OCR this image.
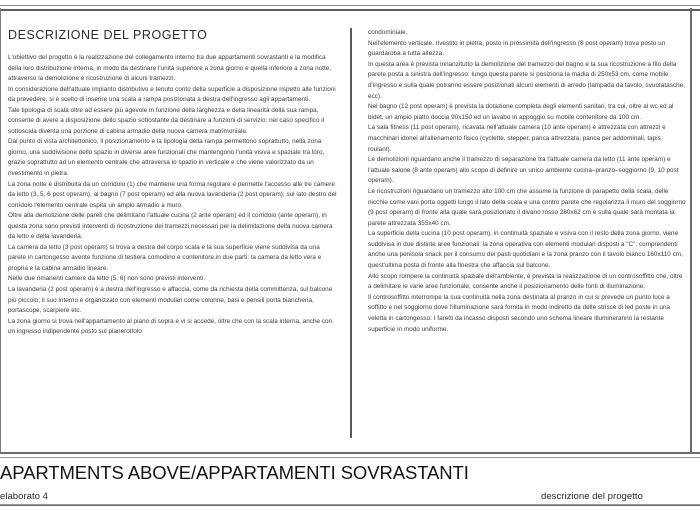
DESCRIZIONE DEL PROGETTO

L'obiettivo del progetto è la realizzazione del collegamento interno tra due appartamenti sovrastanti e la modifica della loro distribuzione interna, in modo da destinare l'unità superiore a zona giorno e quella inferiore a zona notte, attraverso la demolizione e ricostruzione di alcuni tramezzi.
In considerazione dell'attuale impianto distributivo e tenuto conto della superficie a disposizione rispetto alle funzioni da prevedere, si è scelto di inserire una scala a rampa posizionata a destra dell'ingresso agli appartamenti.
Tale tipologia di scala oltre ad essere più agevole in funzione della larghezza e della linearità della sua rampa, consente di avere a disposizione dello spazio sottostante da destinare a funzioni di servizio: nel caso specifico il sottoscala diventa una porzione di cabina armadio della nuova camera matrimoniale.
Dal punto di vista architettonico, il posizionamento e la tipologia della rampa permettono soprattutto, nella zona giorno, una suddivisione dello spazio in diverse aree funzionali che mantengono l'unità visiva e spaziale tra loro, grazie soprattutto ad un elemento centrale che attraversa lo spazio in verticale e che viene valorizzato da un rivestimento in pietra.
La zona notte è distribuita da un corridoio (1) che mantiene una forma regolare e permette l'accesso alle tre camere da letto (3, 5, 6 post operam), al bagno (7 post operam) ed alla nuova lavanderia (2 post operam); sul lato destro del corridoio l'elemento centrale ospita un ampio armadio a muro.
Oltre alla demolizione delle pareti che delimitano l'attuale cucina (2 ante operam) ed il corridoio (ante operam), in questa zona sono previsti interventi di ricostruzione dei tramezzi necessari per la delimitazione della nuova camera da letto e della lavanderia.
La camera da letto (3 post operam) si trova a destra del corpo scala e la sua superficie viene suddivisa da una parete in cartongesso avente funzione di testiera comodino e contenitore,in due parti: la camera da letto vera e propria e la cabina armadio lineare.
Nelle due rimanenti camere da letto (5, 6) non sono previsti interventi.
La lavanderia (2 post operam) è a destra dell'ingresso e affaccia, come da richiesta della committenza, sul balcone più piccolo; il suo interno è organizzato con elementi modulari come colonne, basi e pensili porta biancheria, portascope, scarpiere etc.
La zona giorno si trova nell'appartamento al piano di sopra e vi si accede, oltre che con la scala interna, anche con un ingresso indipendente posto sul pianerottolo

condominiale.
Nell'elemento verticale, rivestito in pietra, posto in prossimità dell'ingresso (8 post operam) trova posto un guardaroba a tutta altezza.
In questa area è prevista innanzitutto la demolizione del tramezzo del bagno e la sua ricostruzione a filo della parete posta a sinistra dell'ingresso: lungo questa parete si posiziona la madia di 250x53 cm, come mobile d'ingresso e sulla quale potranno essere posizionati alcuni elementi di arredo (lampada da tavolo, svuotatasche, ecc).
Nel bagno (12 post operam) è prevista la dotazione completa degli elementi sanitari, tra cui, oltre al wc ed al bidet, un ampio piatto doccia 90x150 ed un lavabo in appoggio su mobile contenitore da 100 cm.
La sala fitness (11 post operam), ricavata nell'attuale camera (10 ante operam) è attrezzata con attrezzi e macchinari idonei all'allenamento fisico (cyclette, stepper, panca attrezzata, panca per addominali, tapis roulant).
Le demolizioni riguardano anche il tramezzo di separazione tra l'attuale camera da letto (11 ante operam) e l'attuale salone (8 ante operam) allo scopo di definire un unico ambiente cucina–pranzo–soggiorno (9, 10 post operam).
Le ricostruzioni riguardano un tramezzo alto 100 cm che assume la funzione di parapetto della scala, delle nicchie come vani porta oggetti lungo il lato della scala e una contro parete che regolarizza il muro del soggiorno (9 post operam) di fronte alla quale sarà posizionato il divano rosso 280x62 cm e sulla quale sarà montata la parete attrezzata 355x40 cm.
La superficie della cucina (10 post operam), in continuità spaziale e visiva con il resto della zona giorno, viene suddivisa in due distinte aree funzionali: la zona operativa con elementi modulari disposti a "C", comprendenti anche una penisola snack per il consumo dei pasti quotidiani e la zona pranzo con il tavolo bianco 160x110 cm, quest'ultima posta di fronte alla finestra che affaccia sul balcone.
Allo scopo rompere la continuità spaziale dell'ambiente, è prevista la realizzazione di un controsoffitto che, oltre a delimitare le varie aree funzionale, consente anche il posizionamento delle fonti di illuminazione.
Il controsoffitto interrompe la sua continuità nella zona destinata al pranzo in cui si prevede un punto luce a soffitto e nel soggiorno dove l'illuminazione sarà fornita in modo indiretto da delle strisce di led poste in una veletta in cartongesso: I faretti da incasso disposti secondo uno schema lineare illumineranno la restante superficie in modo uniforme.

APARTMENTS ABOVE/APPARTAMENTI SOVRASTANTI
elaborato 4	descrizione del progetto
